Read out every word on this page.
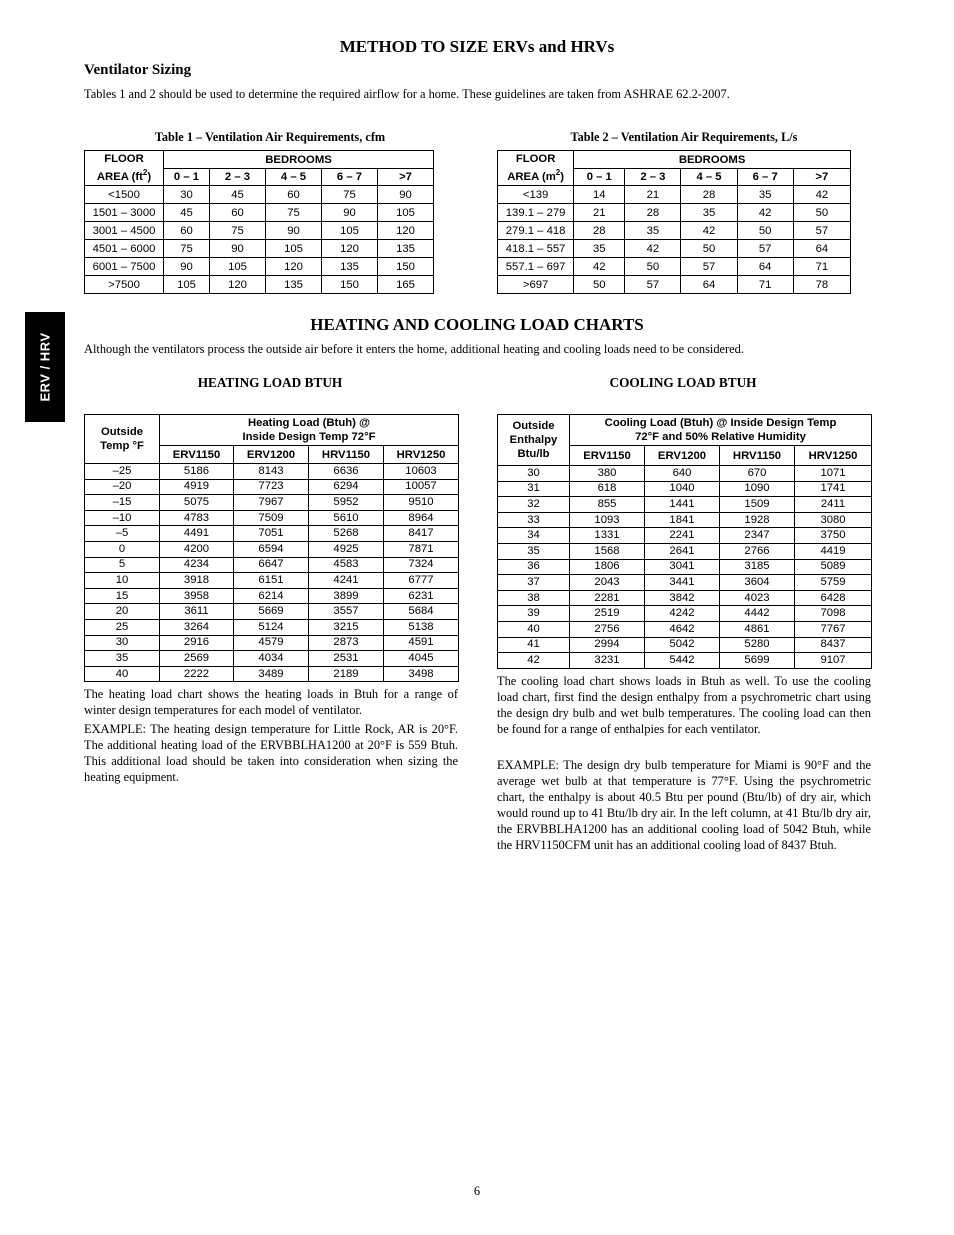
METHOD TO SIZE ERVs and HRVs
Ventilator Sizing
Tables 1 and 2 should be used to determine the required airflow for a home. These guidelines are taken from ASHRAE 62.2-2007.
ERV / HRV
Table 1 – Ventilation Air Requirements, cfm
FLOOR
AREA $(ft^2)$	BEDROOMS				
	0 – 1	2 – 3	4 – 5	6 – 7	>7
<1500	30	45	60	75	90
1501 – 3000	45	60	75	90	105
3001 – 4500	60	75	90	105	120
4501 – 6000	75	90	105	120	135
6001 – 7500	90	105	120	135	150
>7500	105	120	135	150	165
Table 2 – Ventilation Air Requirements, L/s
FLOOR
AREA $(m^2)$	BEDROOMS				
	0 – 1	2 – 3	4 – 5	6 – 7	>7
<139	14	21	28	35	42
139.1 – 279	21	28	35	42	50
279.1 – 418	28	35	42	50	57
418.1 – 557	35	42	50	57	64
557.1 – 697	42	50	57	64	71
>697	50	57	64	71	78
HEATING AND COOLING LOAD CHARTS
Although the ventilators process the outside air before it enters the home, additional heating and cooling loads need to be considered.
HEATING LOAD BTUH	COOLING LOAD BTUH
Outside
Temp °F	Heating Load (Btuh) @
Inside Design Temp 72°F			
	ERV1150	ERV1200	HRV1150	HRV1250
–25	5186	8143	6636	10603
–20	4919	7723	6294	10057
–15	5075	7967	5952	9510
–10	4783	7509	5610	8964
–5	4491	7051	5268	8417
0	4200	6594	4925	7871
5	4234	6647	4583	7324
10	3918	6151	4241	6777
15	3958	6214	3899	6231
20	3611	5669	3557	5684
25	3264	5124	3215	5138
30	2916	4579	2873	4591
35	2569	4034	2531	4045
40	2222	3489	2189	3498
Outside
Enthalpy
Btu/lb	Cooling Load (Btuh) @ Inside Design Temp
72°F and 50% Relative Humidity			
	ERV1150	ERV1200	HRV1150	HRV1250
30	380	640	670	1071
31	618	1040	1090	1741
32	855	1441	1509	2411
33	1093	1841	1928	3080
34	1331	2241	2347	3750
35	1568	2641	2766	4419
36	1806	3041	3185	5089
37	2043	3441	3604	5759
38	2281	3842	4023	6428
39	2519	4242	4442	7098
40	2756	4642	4861	7767
41	2994	5042	5280	8437
42	3231	5442	5699	9107
The heating load chart shows the heating loads in Btuh for a range of winter design temperatures for each model of ventilator.
EXAMPLE: The heating design temperature for Little Rock, AR is 20°F. The additional heating load of the ERVBBLHA1200 at 20°F is 559 Btuh. This additional load should be taken into consideration when sizing the heating equipment.
The cooling load chart shows loads in Btuh as well. To use the cooling load chart, first find the design enthalpy from a psychrometric chart using the design dry bulb and wet bulb temperatures. The cooling load can then be found for a range of enthalpies for each ventilator.
EXAMPLE: The design dry bulb temperature for Miami is 90°F and the average wet bulb at that temperature is 77°F. Using the psychrometric chart, the enthalpy is about 40.5 Btu per pound (Btu/lb) of dry air, which would round up to 41 Btu/lb dry air. In the left column, at 41 Btu/lb dry air, the ERVBBLHA1200 has an additional cooling load of 5042 Btuh, while the HRV1150CFM unit has an additional cooling load of 8437 Btuh.
6
